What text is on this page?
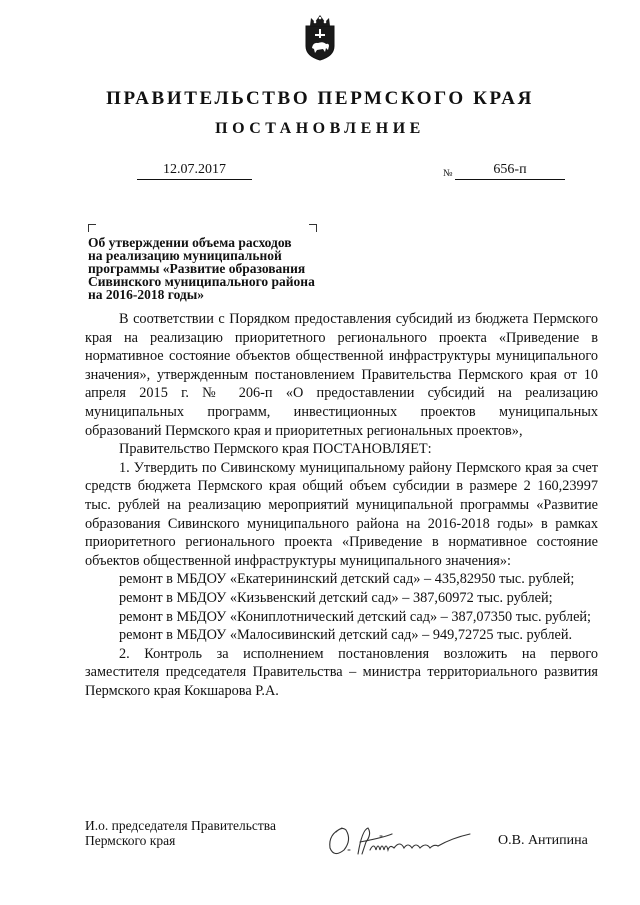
ПРАВИТЕЛЬСТВО ПЕРМСКОГО КРАЯ
ПОСТАНОВЛЕНИЕ
12.07.2017	№	656-п
Об утверждении объема расходов
на реализацию муниципальной
программы «Развитие образования
Сивинского муниципального района
на 2016-2018 годы»

В соответствии с Порядком предоставления субсидий из бюджета Пермского края на реализацию приоритетного регионального проекта «Приведение в нормативное состояние объектов общественной инфраструктуры муниципального значения», утвержденным постановлением Правительства Пермского края от 10 апреля 2015 г. № 206-п «О предоставлении субсидий на реализацию муниципальных программ, инвестиционных проектов муниципальных образований Пермского края и приоритетных региональных проектов»,

Правительство Пермского края ПОСТАНОВЛЯЕТ:

1. Утвердить по Сивинскому муниципальному району Пермского края за счет средств бюджета Пермского края общий объем субсидии в размере 2 160,23997 тыс. рублей на реализацию мероприятий муниципальной программы «Развитие образования Сивинского муниципального района на 2016-2018 годы» в рамках приоритетного регионального проекта «Приведение в нормативное состояние объектов общественной инфраструктуры муниципального значения»:

ремонт в МБДОУ «Екатерининский детский сад» – 435,82950 тыс. рублей;

ремонт в МБДОУ «Кизьвенский детский сад» – 387,60972 тыс. рублей;

ремонт в МБДОУ «Кониплотнический детский сад» – 387,07350 тыс. рублей;

ремонт в МБДОУ «Малосивинский детский сад» – 949,72725 тыс. рублей.

2. Контроль за исполнением постановления возложить на первого заместителя председателя Правительства – министра территориального развития Пермского края Кокшарова Р.А.

И.о. председателя Правительства
Пермского края	О.В. Антипина
